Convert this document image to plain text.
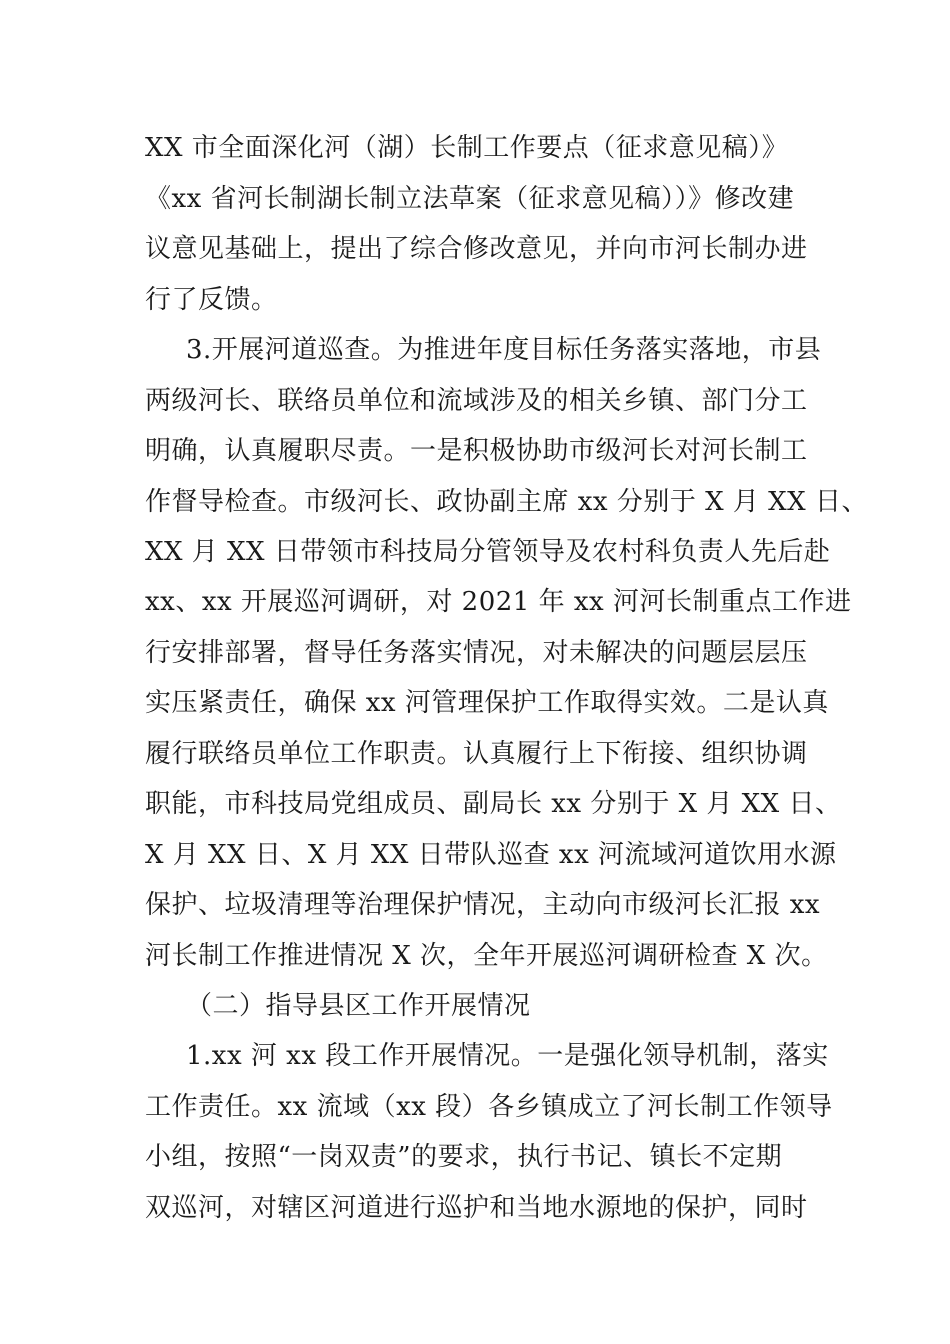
XX 市全面深化河（湖）长制工作要点（征求意见稿）》
《xx 省河长制湖长制立法草案（征求意见稿））》修改建
议意见基础上，提出了综合修改意见，并向市河长制办进
行了反馈。
3.开展河道巡查。为推进年度目标任务落实落地，市县
两级河长、联络员单位和流域涉及的相关乡镇、部门分工
明确，认真履职尽责。一是积极协助市级河长对河长制工
作督导检查。市级河长、政协副主席 xx 分别于 X 月 XX 日、
XX 月 XX 日带领市科技局分管领导及农村科负责人先后赴
xx、xx 开展巡河调研，对 2021 年 xx 河河长制重点工作进
行安排部署，督导任务落实情况，对未解决的问题层层压
实压紧责任，确保 xx 河管理保护工作取得实效。二是认真
履行联络员单位工作职责。认真履行上下衔接、组织协调
职能，市科技局党组成员、副局长 xx 分别于 X 月 XX 日、
X 月 XX 日、X 月 XX 日带队巡查 xx 河流域河道饮用水源
保护、垃圾清理等治理保护情况，主动向市级河长汇报 xx
河长制工作推进情况 X 次，全年开展巡河调研检查 X 次。
（二）指导县区工作开展情况
1.xx 河 xx 段工作开展情况。一是强化领导机制，落实
工作责任。xx 流域（xx 段）各乡镇成立了河长制工作领导
小组，按照“一岗双责”的要求，执行书记、镇长不定期
双巡河，对辖区河道进行巡护和当地水源地的保护，同时
